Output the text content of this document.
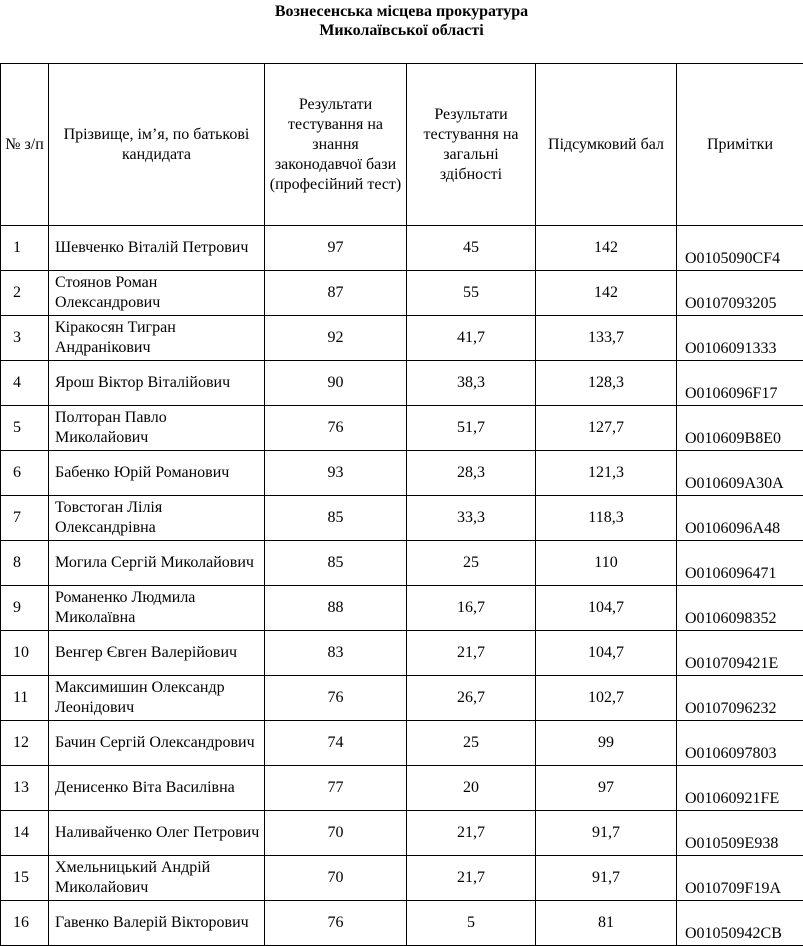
Вознесенська місцева прокуратура
Миколаївської області
№ з/п	Прізвище, ім’я, по батькові кандидата	Результати тестування на знання законодавчої бази (професійний тест)	Результати тестування на загальні здібності	Підсумковий бал	Примітки
1	Шевченко Віталій Петрович	97	45	142	O0105090CF4
2	Стоянов Роман Олександрович	87	55	142	O0107093205
3	Кіракосян Тигран Андранікович	92	41,7	133,7	O0106091333
4	Ярош Віктор Віталійович	90	38,3	128,3	O0106096F17
5	Полторан Павло Миколайович	76	51,7	127,7	O010609B8E0
6	Бабенко Юрій Романович	93	28,3	121,3	O010609A30A
7	Товстоган Лілія Олександрівна	85	33,3	118,3	O0106096A48
8	Могила Сергій Миколайович	85	25	110	O0106096471
9	Романенко Людмила Миколаївна	88	16,7	104,7	O0106098352
10	Венгер Євген Валерійович	83	21,7	104,7	O010709421E
11	Максимишин Олександр Леонідович	76	26,7	102,7	O0107096232
12	Бачин Сергій Олександрович	74	25	99	O0106097803
13	Денисенко Віта Василівна	77	20	97	O01060921FE
14	Наливайченко Олег Петрович	70	21,7	91,7	O010509E938
15	Хмельницький Андрій Миколайович	70	21,7	91,7	O010709F19A
16	Гавенко Валерій Вікторович	76	5	81	O01050942CB
